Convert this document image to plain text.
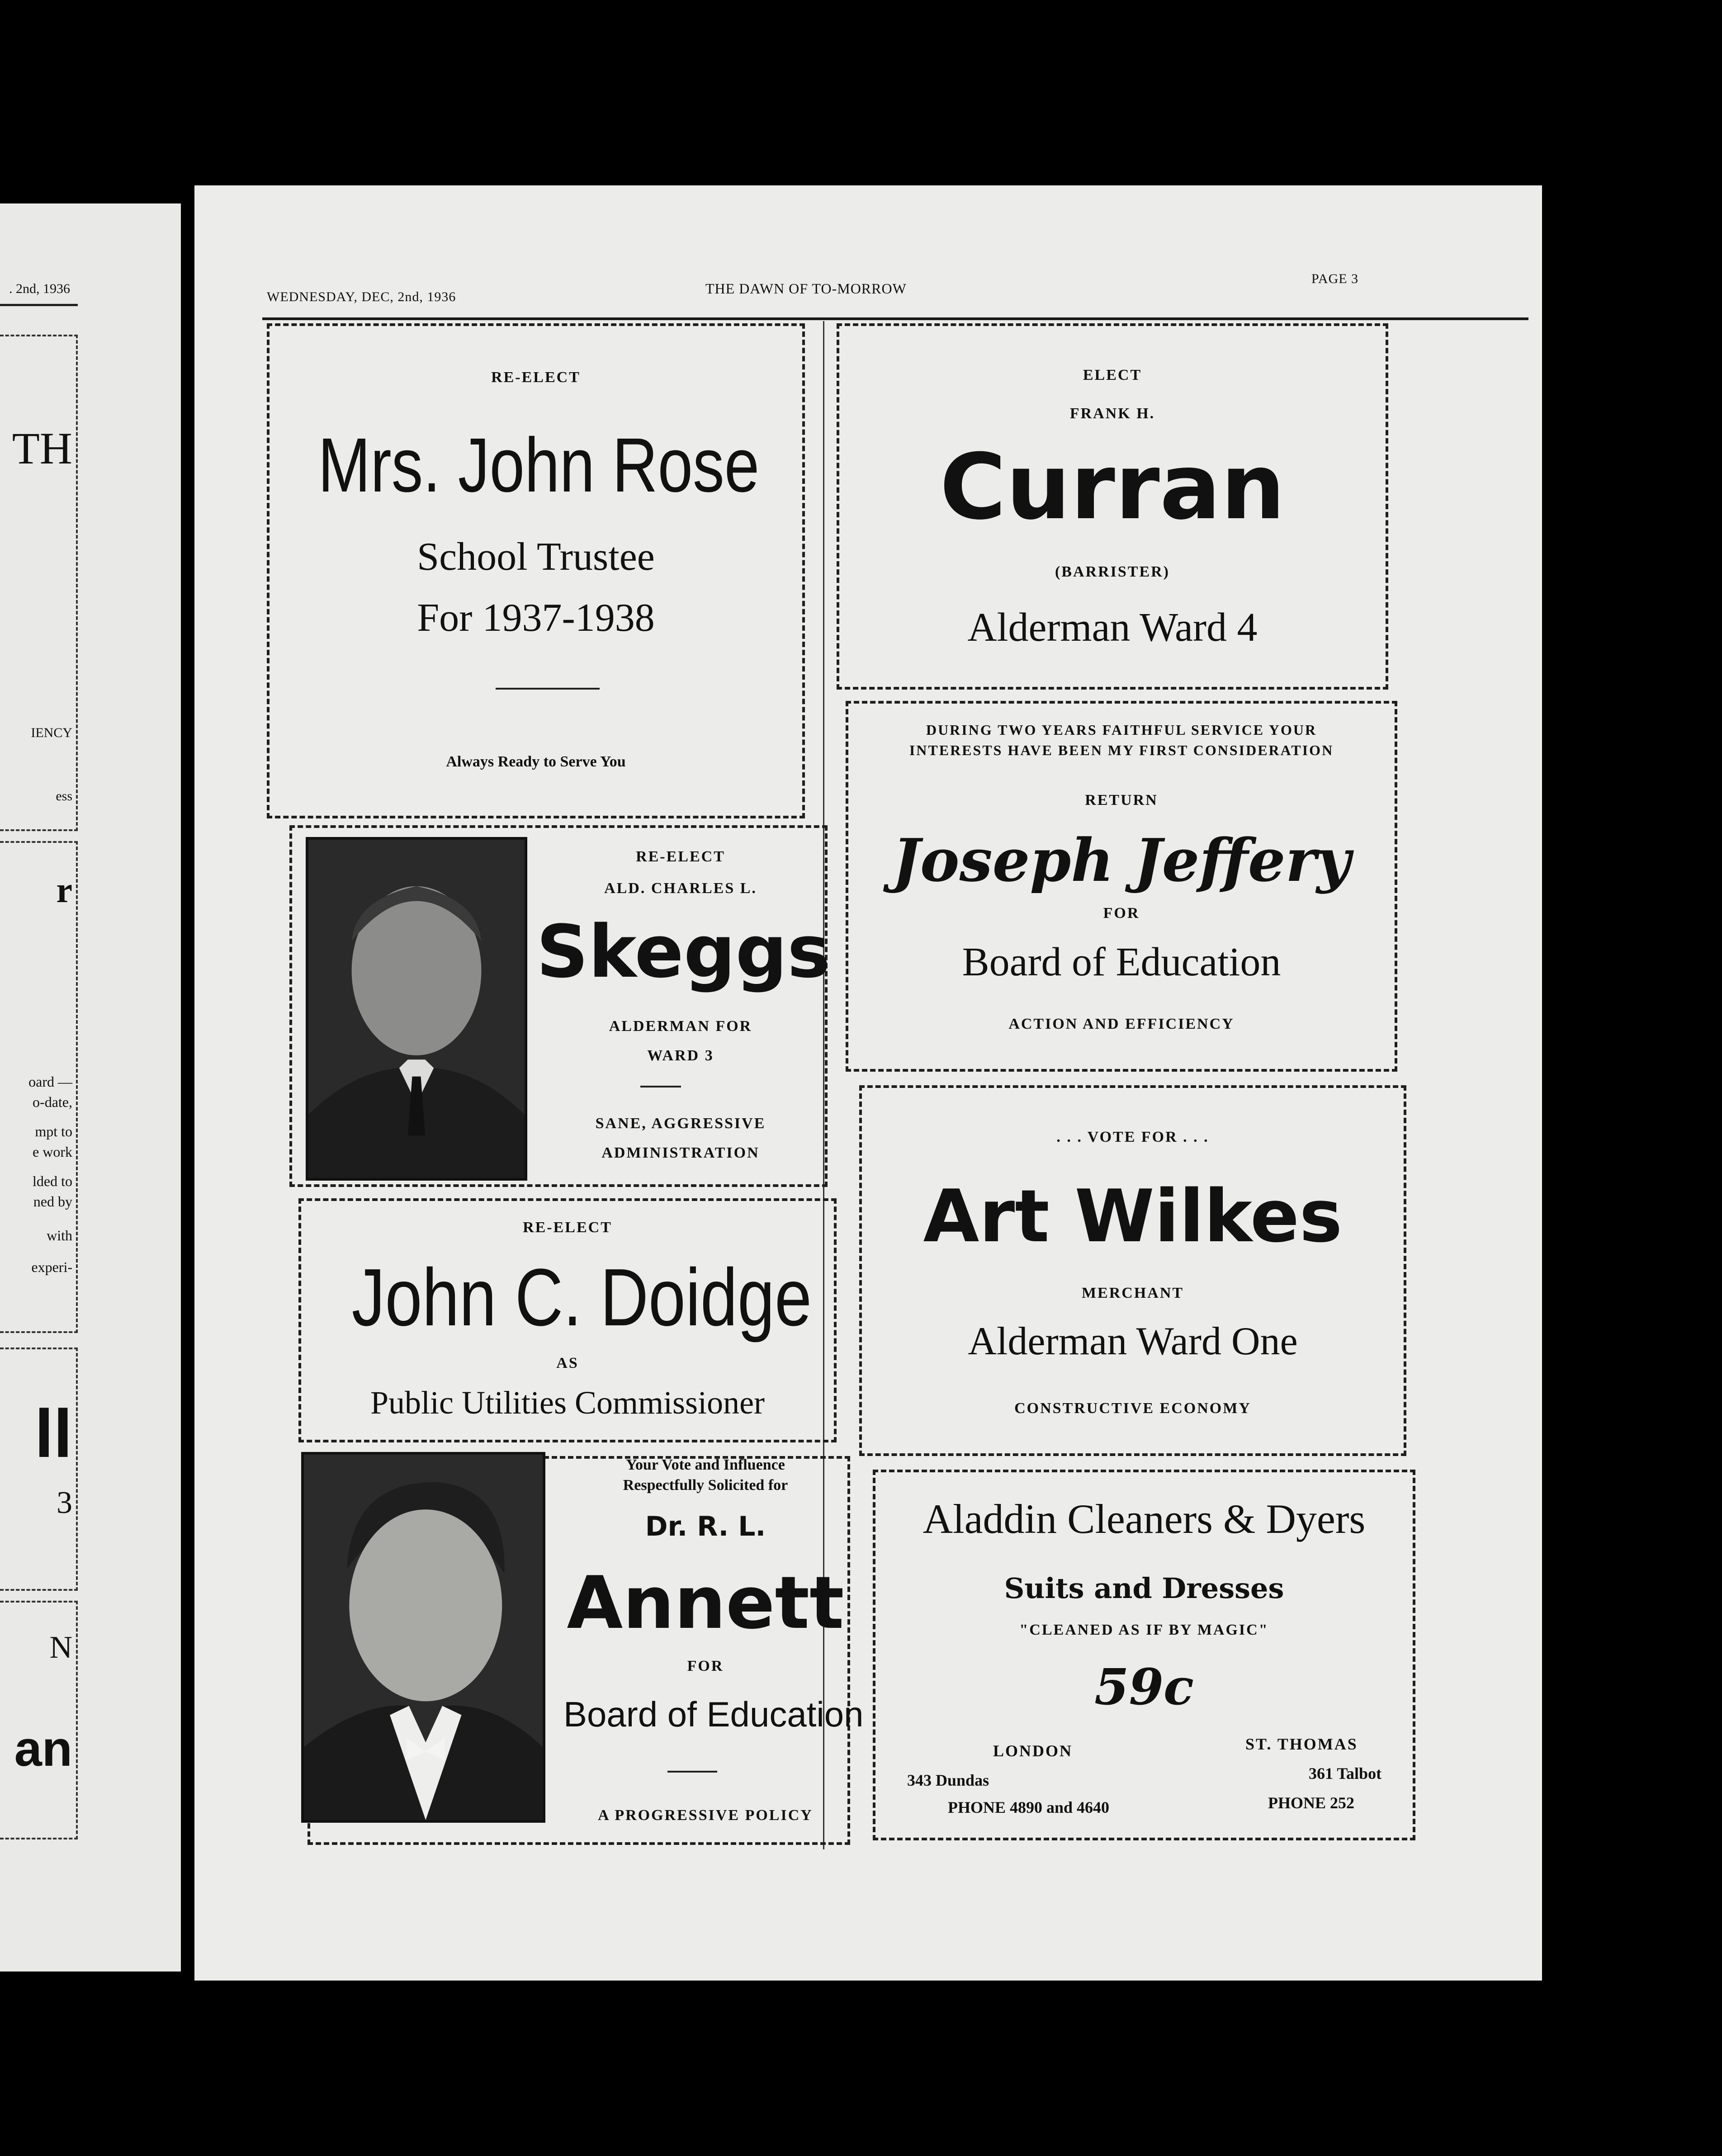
. 2nd, 1936
TH
IENCY
ess
r
oard —
o-date,
mpt to
e work
lded to
ned by
with
experi-
ll
3
N
an
WEDNESDAY, DEC, 2nd, 1936
THE DAWN OF TO-MORROW
PAGE 3
RE-ELECT
Mrs. John Rose
School Trustee
For 1937-1938
Always Ready to Serve You
ELECT
FRANK H.
Curran
(BARRISTER)
Alderman Ward 4
RE-ELECT
ALD. CHARLES L.
Skeggs
ALDERMAN FOR
WARD 3
SANE, AGGRESSIVE
ADMINISTRATION
DURING TWO YEARS FAITHFUL SERVICE YOUR
INTERESTS HAVE BEEN MY FIRST CONSIDERATION
RETURN
Joseph Jeffery
FOR
Board of Education
ACTION AND EFFICIENCY
RE-ELECT
John C. Doidge
AS
Public Utilities Commissioner
. . . VOTE FOR . . .
Art Wilkes
MERCHANT
Alderman Ward One
CONSTRUCTIVE ECONOMY
Your Vote and Influence
Respectfully Solicited for
Dr. R. L.
Annett
FOR
Board of Education
A PROGRESSIVE POLICY
Aladdin Cleaners & Dyers
Suits and Dresses
"CLEANED AS IF BY MAGIC"
59c
LONDON
343 Dundas
PHONE 4890 and 4640
ST. THOMAS
361 Talbot
PHONE 252
